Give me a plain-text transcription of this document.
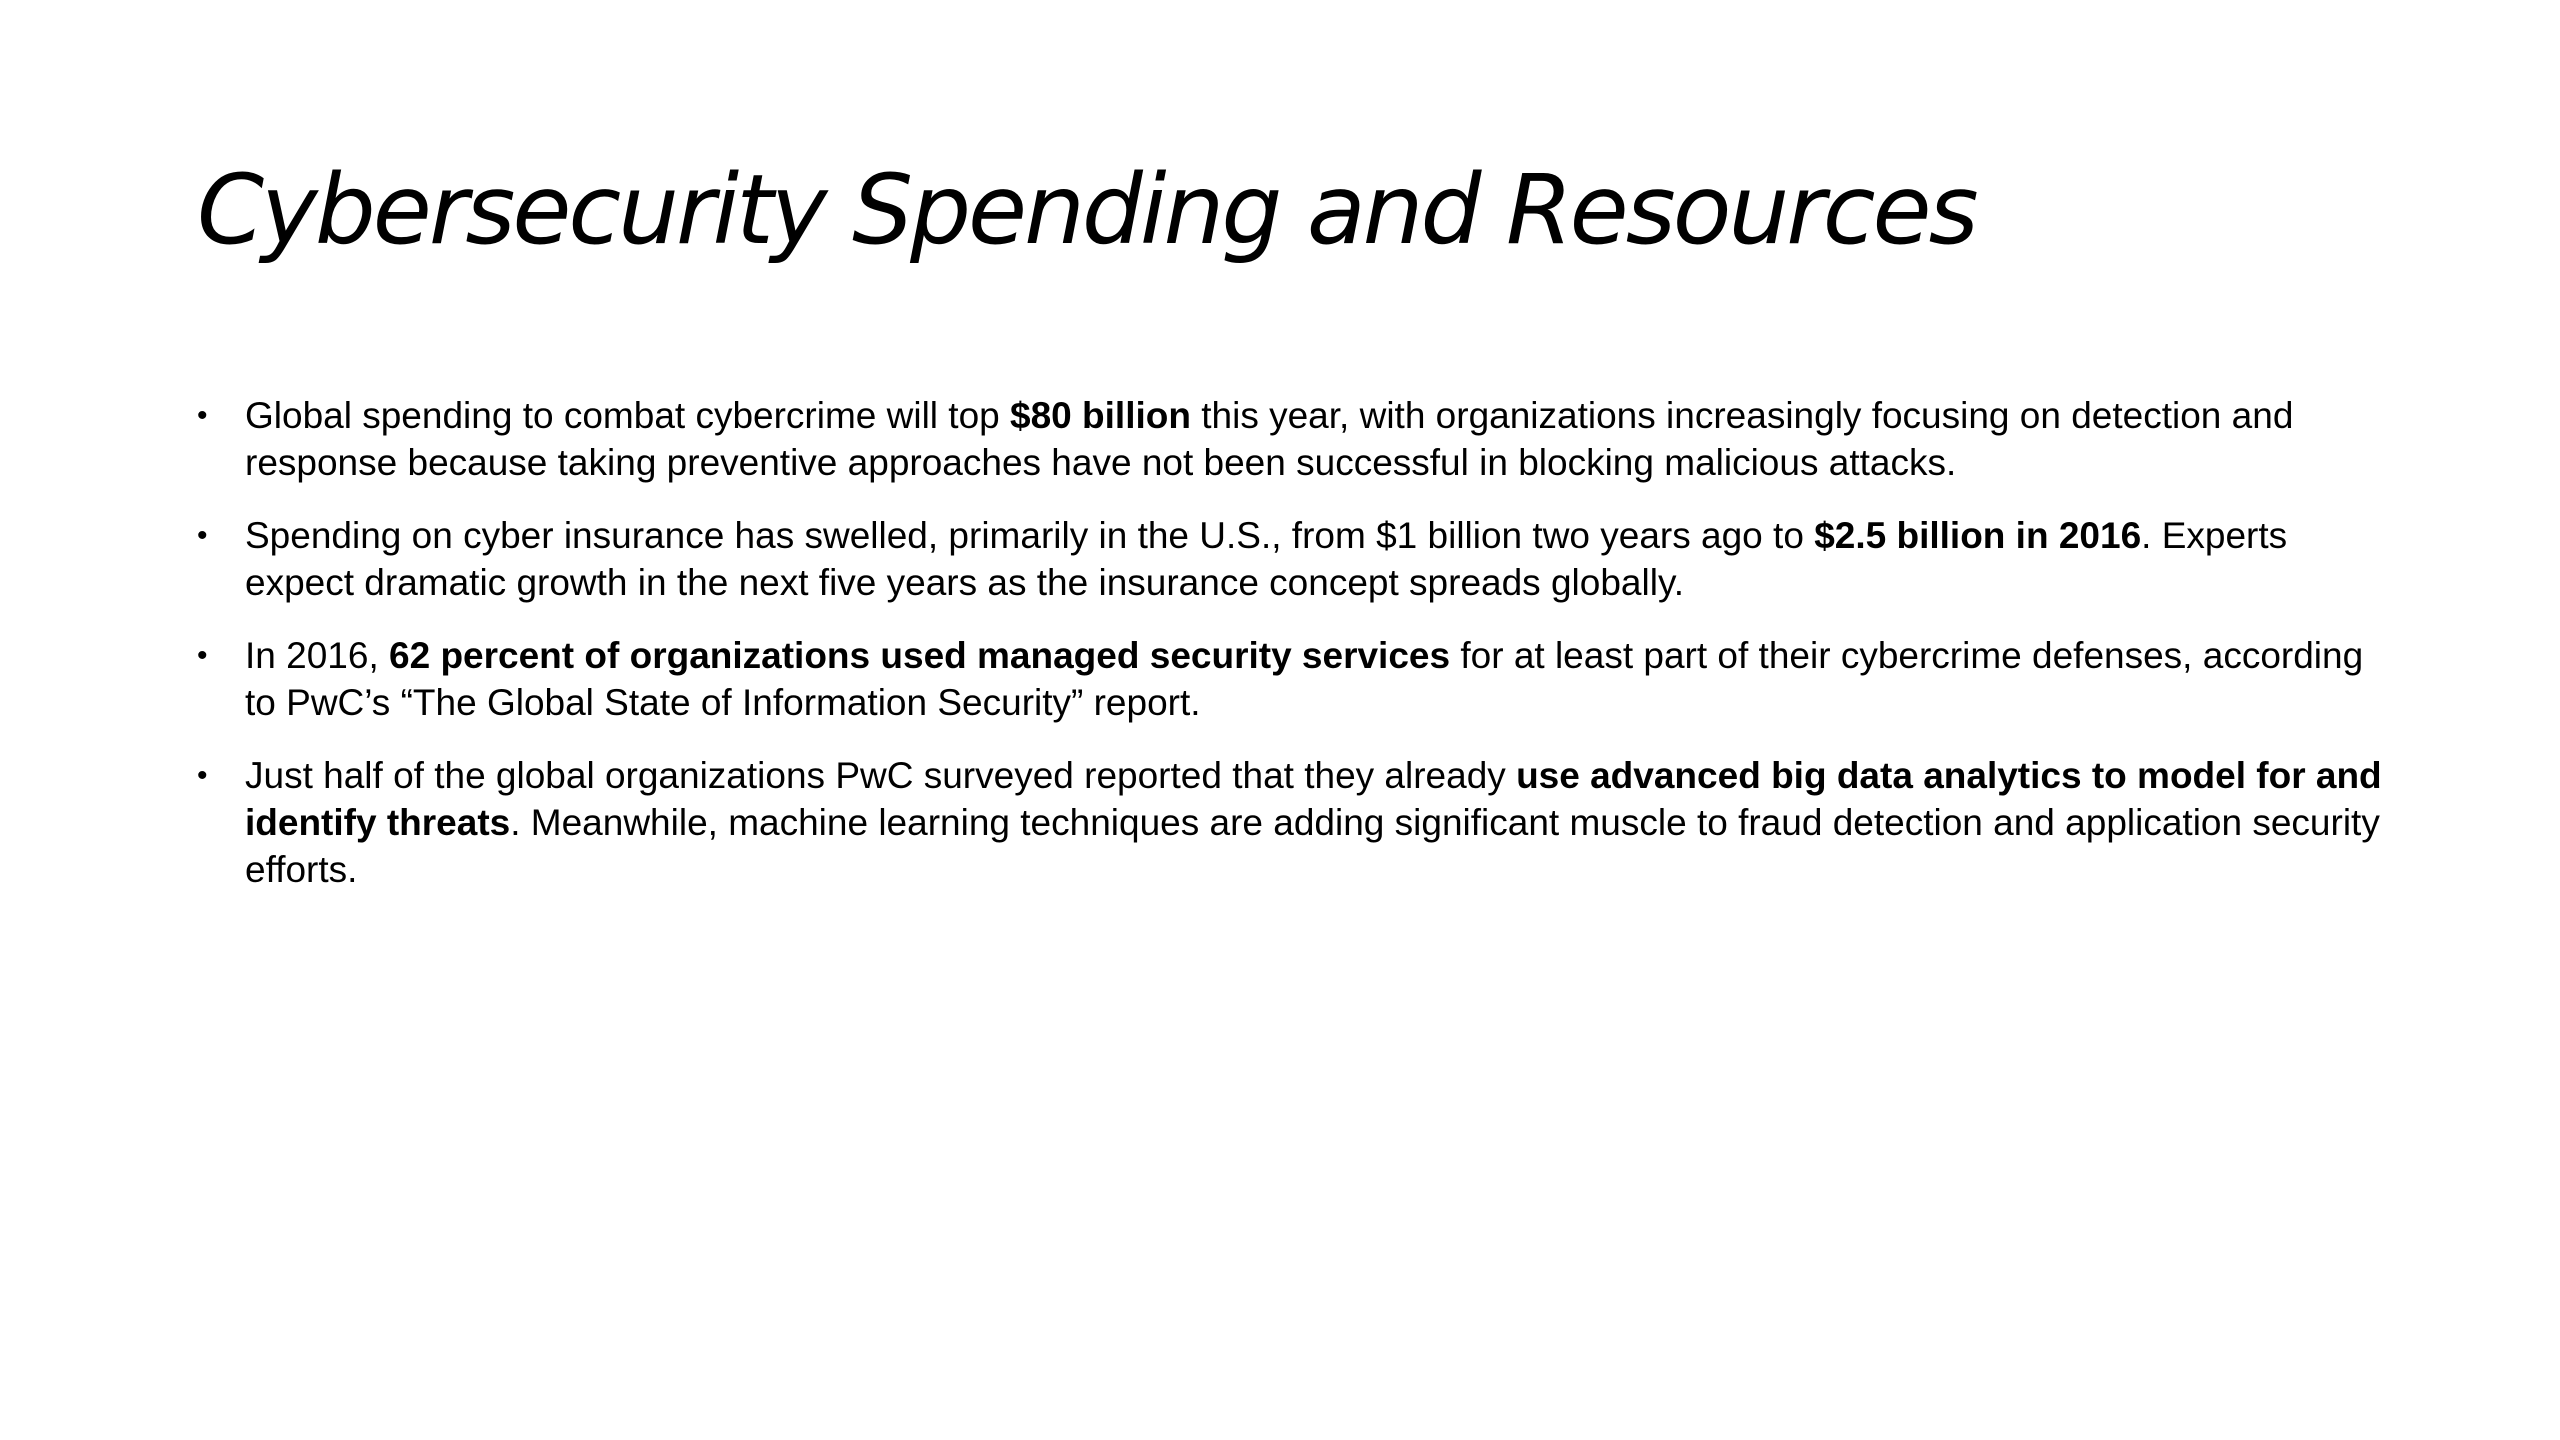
Cybersecurity Spending and Resources
• Global spending to combat cybercrime will top $80 billion this year, with organizations increasingly focusing on detection and response because taking preventive approaches have not been successful in blocking malicious attacks.
• Spending on cyber insurance has swelled, primarily in the U.S., from $1 billion two years ago to $2.5 billion in 2016. Experts expect dramatic growth in the next five years as the insurance concept spreads globally.
• In 2016, 62 percent of organizations used managed security services for at least part of their cybercrime defenses, according to PwC’s “The Global State of Information Security” report.
• Just half of the global organizations PwC surveyed reported that they already use advanced big data analytics to model for and identify threats. Meanwhile, machine learning techniques are adding significant muscle to fraud detection and application security efforts.
